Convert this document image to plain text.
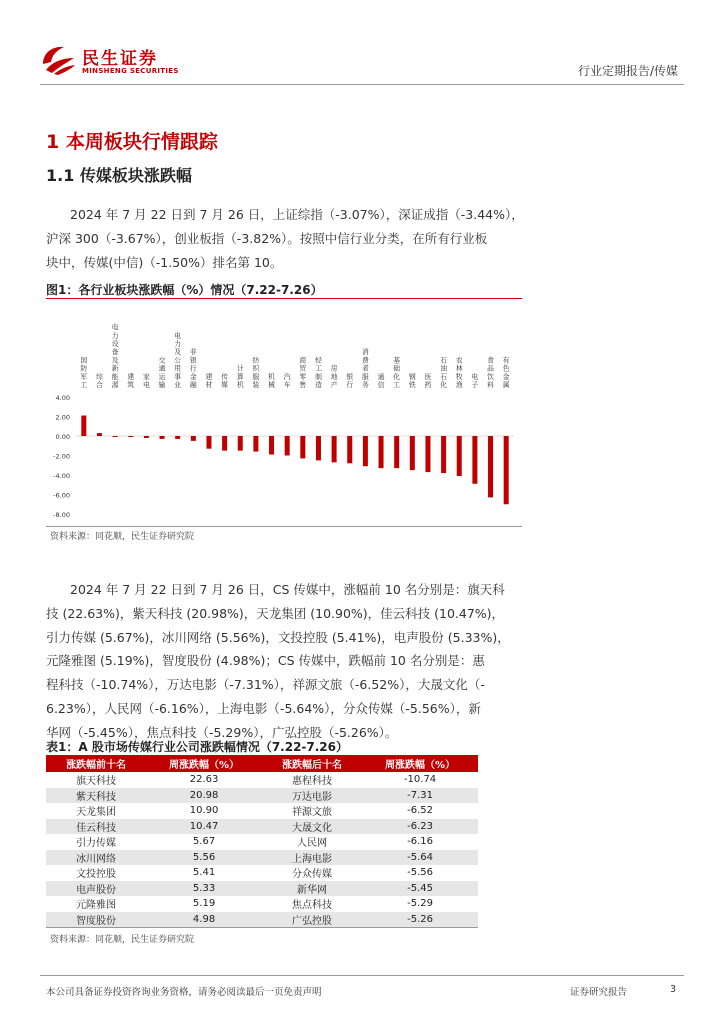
民生证券
MINSHENG SECURITIES	行业定期报告/传媒
1 本周板块行情跟踪
1.1 传媒板块涨跌幅
2024 年 7 月 22 日到 7 月 26 日，上证综指（-3.07%），深证成指（-3.44%），
沪深 300（-3.67%），创业板指（-3.82%）。按照中信行业分类，在所有行业板
块中，传媒(中信)（-1.50%）排名第 10。
图1：各行业板块涨跌幅（%）情况（7.22-7.26）
4.00
2.00
0.00
-2.00
-4.00
-6.00
-8.00
国
防
军
工
综
合
电
力
设
备
及
新
能
源
建
筑
家
电
交
通
运
输
电
力
及
公
用
事
业
非
银
行
金
融
建
材
传
媒
计
算
机
纺
织
服
装
机
械
汽
车
商
贸
零
售
轻
工
制
造
房
地
产
银
行
消
费
者
服
务
通
信
基
础
化
工
钢
铁
医
药
石
油
石
化
农
林
牧
渔
电
子
食
品
饮
料
有
色
金
属
资料来源：同花顺，民生证券研究院
2024 年 7 月 22 日到 7 月 26 日，CS 传媒中，涨幅前 10 名分别是：旗天科
技 (22.63%)，紫天科技 (20.98%)，天龙集团 (10.90%)，佳云科技 (10.47%)，
引力传媒 (5.67%)，冰川网络 (5.56%)，文投控股 (5.41%)，电声股份 (5.33%)，
元隆雅图 (5.19%)，智度股份 (4.98%)；CS 传媒中，跌幅前 10 名分别是：惠
程科技（-10.74%），万达电影（-7.31%），祥源文旅（-6.52%），大晟文化（-
6.23%），人民网（-6.16%），上海电影（-5.64%），分众传媒（-5.56%），新
华网（-5.45%），焦点科技（-5.29%），广弘控股（-5.26%）。
表1：A 股市场传媒行业公司涨跌幅情况（7.22-7.26）
涨跌幅前十名	周涨跌幅（%）	涨跌幅后十名	周涨跌幅（%）
旗天科技	22.63	惠程科技	-10.74
紫天科技	20.98	万达电影	-7.31
天龙集团	10.90	祥源文旅	-6.52
佳云科技	10.47	大晟文化	-6.23
引力传媒	5.67	人民网	-6.16
冰川网络	5.56	上海电影	-5.64
文投控股	5.41	分众传媒	-5.56
电声股份	5.33	新华网	-5.45
元隆雅图	5.19	焦点科技	-5.29
智度股份	4.98	广弘控股	-5.26
资料来源：同花顺，民生证券研究院
本公司具备证券投资咨询业务资格，请务必阅读最后一页免责声明	证券研究报告	3
